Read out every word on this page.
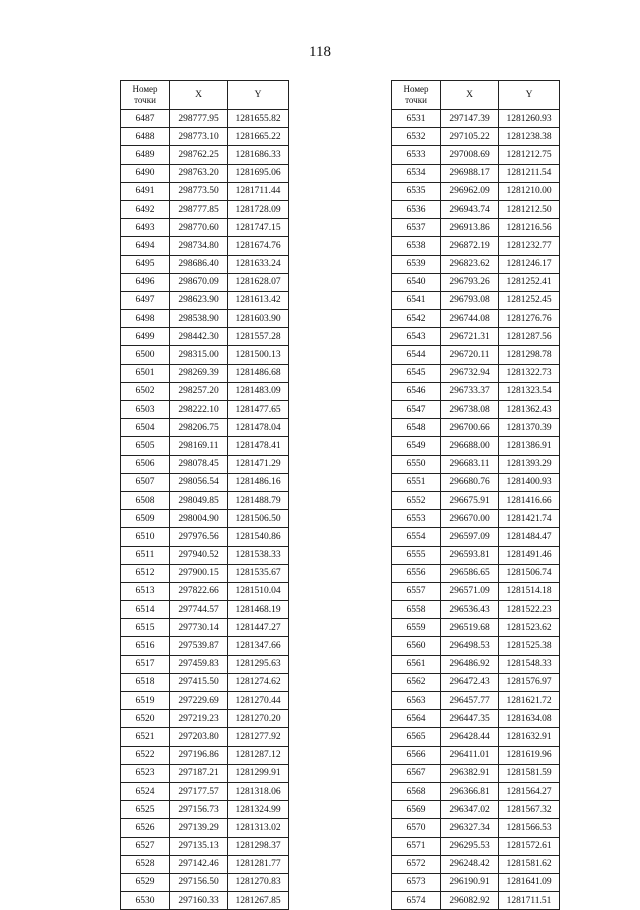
118
Номер точки	X	Y
6487	298777.95	1281655.82
6488	298773.10	1281665.22
6489	298762.25	1281686.33
6490	298763.20	1281695.06
6491	298773.50	1281711.44
6492	298777.85	1281728.09
6493	298770.60	1281747.15
6494	298734.80	1281674.76
6495	298686.40	1281633.24
6496	298670.09	1281628.07
6497	298623.90	1281613.42
6498	298538.90	1281603.90
6499	298442.30	1281557.28
6500	298315.00	1281500.13
6501	298269.39	1281486.68
6502	298257.20	1281483.09
6503	298222.10	1281477.65
6504	298206.75	1281478.04
6505	298169.11	1281478.41
6506	298078.45	1281471.29
6507	298056.54	1281486.16
6508	298049.85	1281488.79
6509	298004.90	1281506.50
6510	297976.56	1281540.86
6511	297940.52	1281538.33
6512	297900.15	1281535.67
6513	297822.66	1281510.04
6514	297744.57	1281468.19
6515	297730.14	1281447.27
6516	297539.87	1281347.66
6517	297459.83	1281295.63
6518	297415.50	1281274.62
6519	297229.69	1281270.44
6520	297219.23	1281270.20
6521	297203.80	1281277.92
6522	297196.86	1281287.12
6523	297187.21	1281299.91
6524	297177.57	1281318.06
6525	297156.73	1281324.99
6526	297139.29	1281313.02
6527	297135.13	1281298.37
6528	297142.46	1281281.77
6529	297156.50	1281270.83
6530	297160.33	1281267.85
Номер точки	X	Y
6531	297147.39	1281260.93
6532	297105.22	1281238.38
6533	297008.69	1281212.75
6534	296988.17	1281211.54
6535	296962.09	1281210.00
6536	296943.74	1281212.50
6537	296913.86	1281216.56
6538	296872.19	1281232.77
6539	296823.62	1281246.17
6540	296793.26	1281252.41
6541	296793.08	1281252.45
6542	296744.08	1281276.76
6543	296721.31	1281287.56
6544	296720.11	1281298.78
6545	296732.94	1281322.73
6546	296733.37	1281323.54
6547	296738.08	1281362.43
6548	296700.66	1281370.39
6549	296688.00	1281386.91
6550	296683.11	1281393.29
6551	296680.76	1281400.93
6552	296675.91	1281416.66
6553	296670.00	1281421.74
6554	296597.09	1281484.47
6555	296593.81	1281491.46
6556	296586.65	1281506.74
6557	296571.09	1281514.18
6558	296536.43	1281522.23
6559	296519.68	1281523.62
6560	296498.53	1281525.38
6561	296486.92	1281548.33
6562	296472.43	1281576.97
6563	296457.77	1281621.72
6564	296447.35	1281634.08
6565	296428.44	1281632.91
6566	296411.01	1281619.96
6567	296382.91	1281581.59
6568	296366.81	1281564.27
6569	296347.02	1281567.32
6570	296327.34	1281566.53
6571	296295.53	1281572.61
6572	296248.42	1281581.62
6573	296190.91	1281641.09
6574	296082.92	1281711.51
